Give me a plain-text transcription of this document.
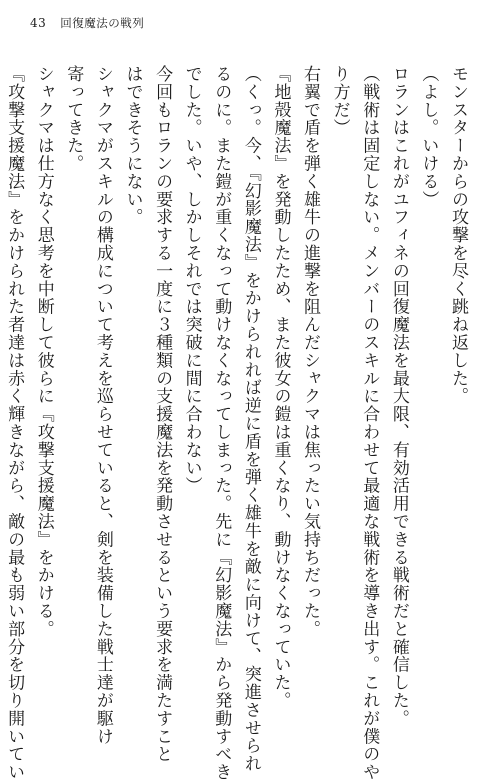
43 回復魔法の戦列
モンスターからの攻撃を尽く跳ね返した。
（よし。いける）
ロランはこれがユフィネの回復魔法を最大限、有効活用できる戦術だと確信した。
（戦術は固定しない。メンバーのスキルに合わせて最適な戦術を導き出す。これが僕のや
り方だ）
右翼で盾を弾く雄牛の進撃を阻んだシャクマは焦ったい気持ちだった。
『地殻魔法』を発動したため、また彼女の鎧は重くなり、動けなくなっていた。
（くっ。今、『幻影魔法』をかけられれば逆に盾を弾く雄牛を敵に向けて、突進させられ
るのに。また鎧が重くなって動けなくなってしまった。先に『幻影魔法』から発動すべき
でした。いや、しかしそれでは突破に間に合わない）
今回もロランの要求する一度に３種類の支援魔法を発動させるという要求を満たすこと
はできそうにない。
シャクマがスキルの構成について考えを巡らせていると、剣を装備した戦士達が駆け
寄ってきた。
シャクマは仕方なく思考を中断して彼らに『攻撃支援魔法』をかける。
『攻撃支援魔法』をかけられた者達は赤く輝きながら、敵の最も弱い部分を切り開いてい
